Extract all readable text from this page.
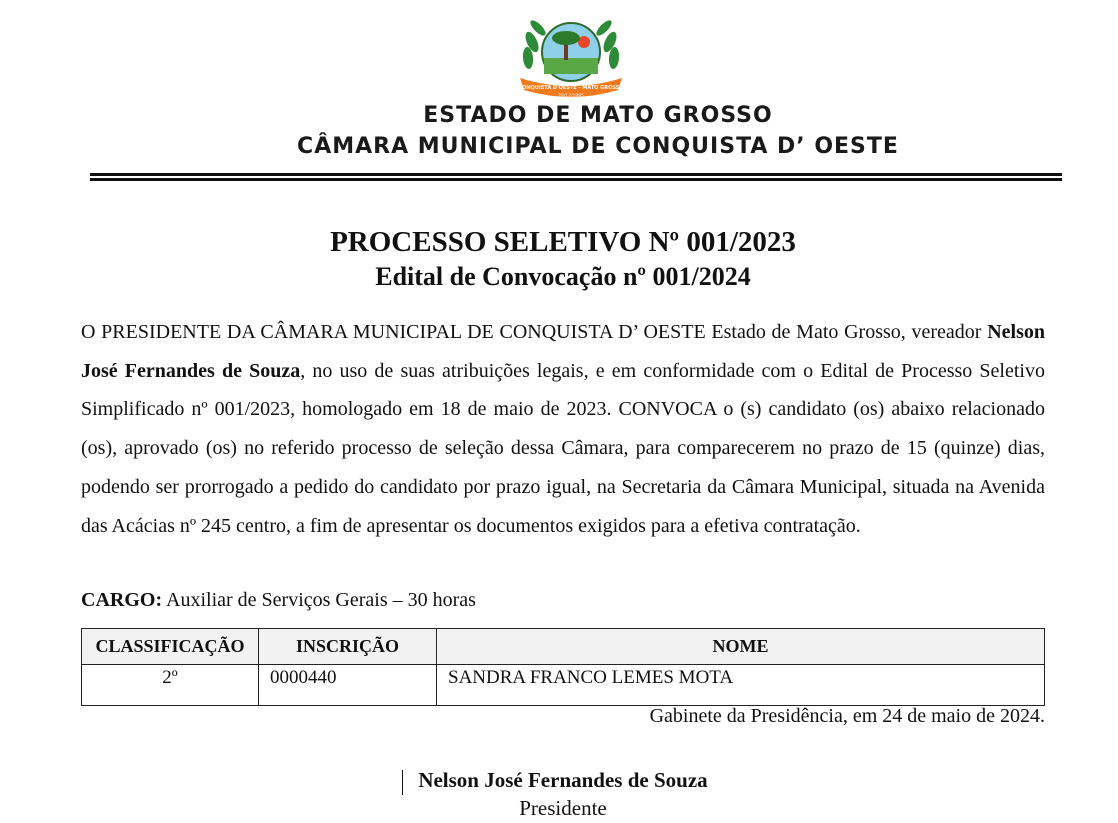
CONQUISTA D'OESTE - MATO GROSSO
28/12/1995
ESTADO DE MATO GROSSO
CÂMARA MUNICIPAL DE CONQUISTA D’ OESTE
PROCESSO SELETIVO Nº 001/2023
Edital de Convocação nº 001/2024
O PRESIDENTE DA CÂMARA MUNICIPAL DE CONQUISTA D’ OESTE Estado de Mato Grosso, vereador Nelson José Fernandes de Souza, no uso de suas atribuições legais, e em conformidade com o Edital de Processo Seletivo Simplificado nº 001/2023, homologado em 18 de maio de 2023. CONVOCA o (s) candidato (os) abaixo relacionado (os), aprovado (os) no referido processo de seleção dessa Câmara, para comparecerem no prazo de 15 (quinze) dias, podendo ser prorrogado a pedido do candidato por prazo igual, na Secretaria da Câmara Municipal, situada na Avenida das Acácias nº 245 centro, a fim de apresentar os documentos exigidos para a efetiva contratação.
CARGO: Auxiliar de Serviços Gerais – 30 horas
CLASSIFICAÇÃO	INSCRIÇÃO	NOME
2º	0000440	SANDRA FRANCO LEMES MOTA
Gabinete da Presidência, em 24 de maio de 2024.
Nelson José Fernandes de Souza
Presidente
